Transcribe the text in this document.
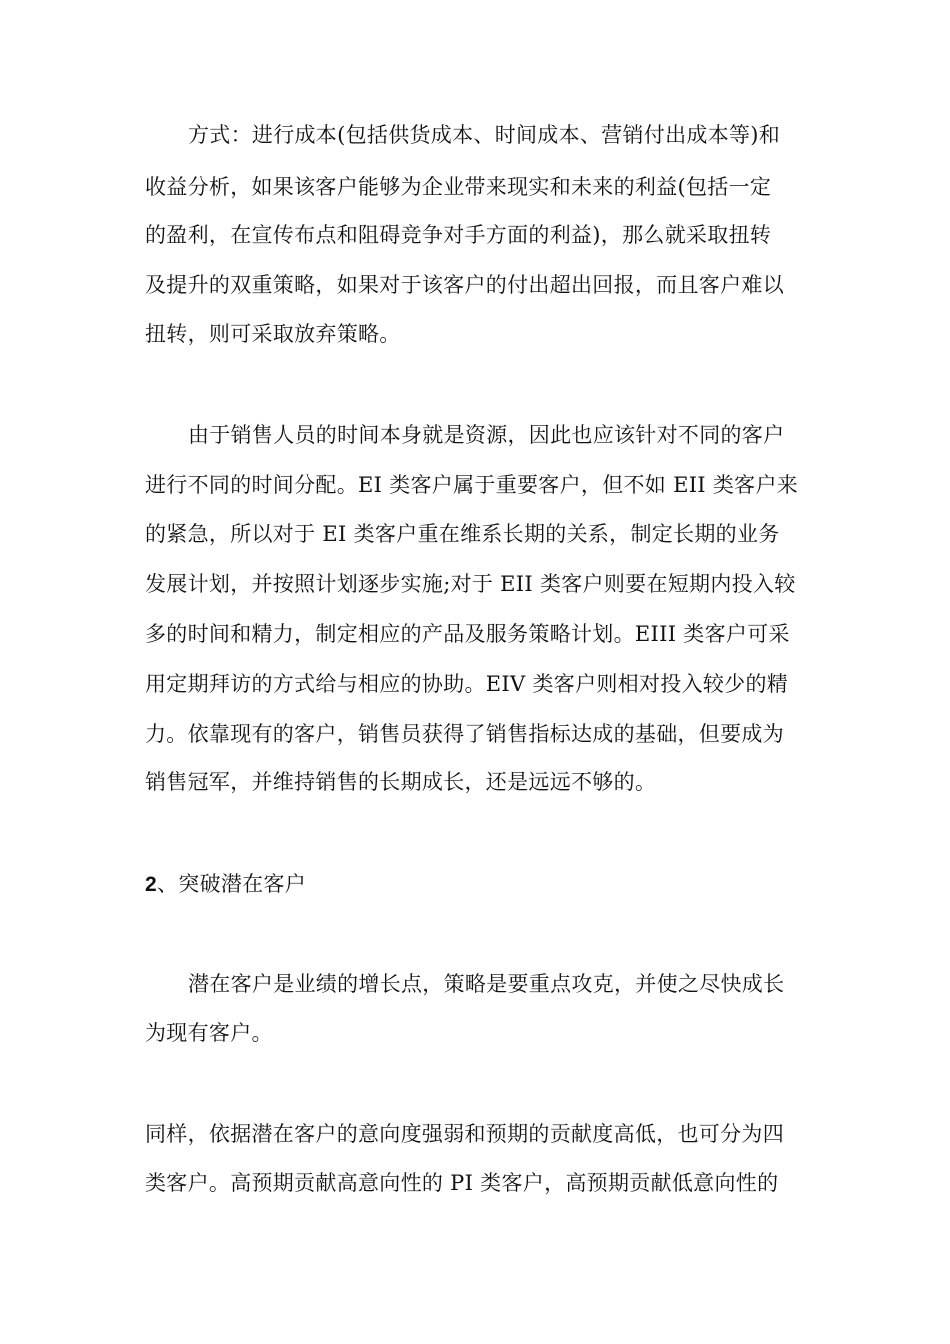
方式：进行成本(包括供货成本、时间成本、营销付出成本等)和
收益分析，如果该客户能够为企业带来现实和未来的利益(包括一定
的盈利，在宣传布点和阻碍竞争对手方面的利益)，那么就采取扭转
及提升的双重策略，如果对于该客户的付出超出回报，而且客户难以
扭转，则可采取放弃策略。
由于销售人员的时间本身就是资源，因此也应该针对不同的客户
进行不同的时间分配。EI 类客户属于重要客户，但不如 EII 类客户来
的紧急，所以对于 EI 类客户重在维系长期的关系，制定长期的业务
发展计划，并按照计划逐步实施;对于 EII 类客户则要在短期内投入较
多的时间和精力，制定相应的产品及服务策略计划。EIII 类客户可采
用定期拜访的方式给与相应的协助。EIV 类客户则相对投入较少的精
力。依靠现有的客户，销售员获得了销售指标达成的基础，但要成为
销售冠军，并维持销售的长期成长，还是远远不够的。
2、突破潜在客户
潜在客户是业绩的增长点，策略是要重点攻克，并使之尽快成长
为现有客户。
同样，依据潜在客户的意向度强弱和预期的贡献度高低，也可分为四
类客户。高预期贡献高意向性的 PI 类客户，高预期贡献低意向性的
